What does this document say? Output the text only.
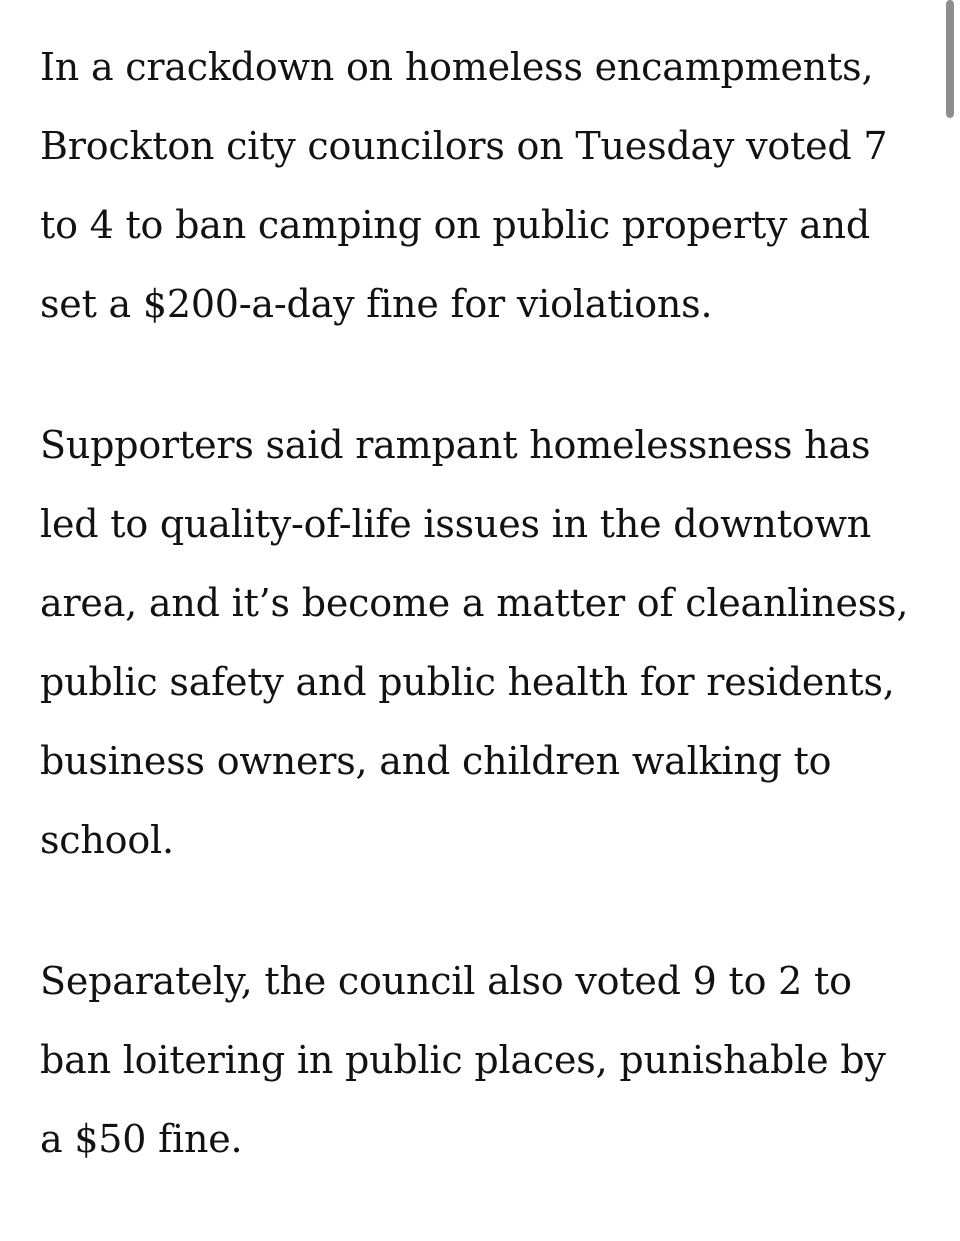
In a crackdown on homeless encampments,
Brockton city councilors on Tuesday voted 7
to 4 to ban camping on public property and
set a $200-a-day fine for violations.

Supporters said rampant homelessness has
led to quality-of-life issues in the downtown
area, and it’s become a matter of cleanliness,
public safety and public health for residents,
business owners, and children walking to
school.

Separately, the council also voted 9 to 2 to
ban loitering in public places, punishable by
a $50 fine.
